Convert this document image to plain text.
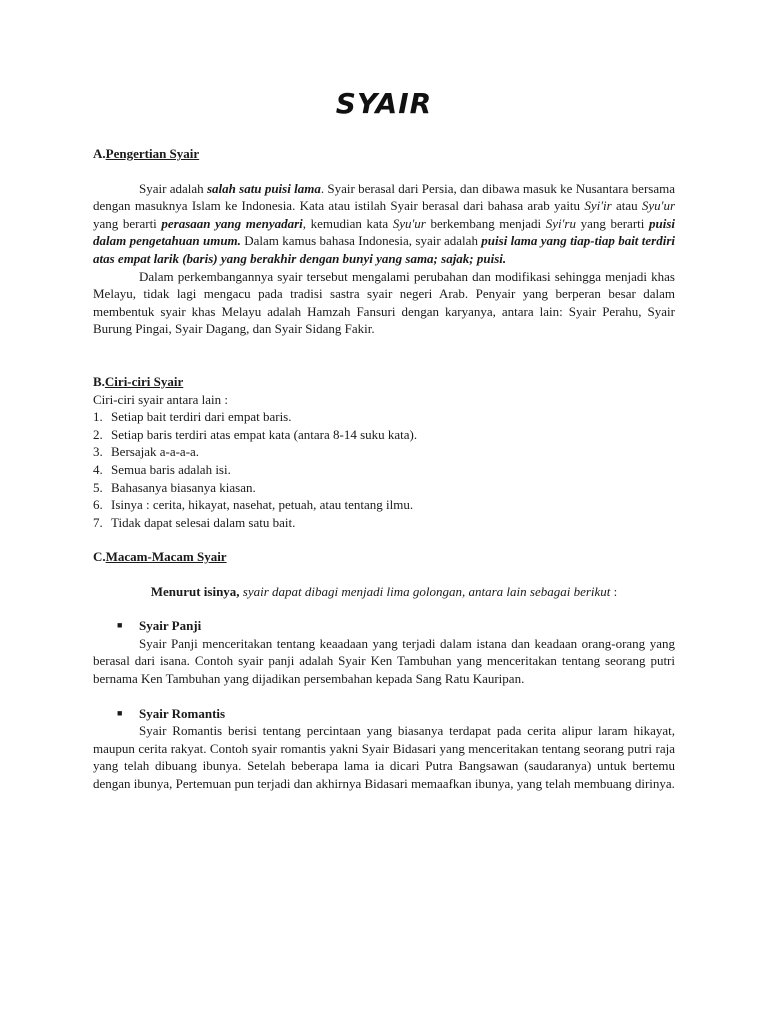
SYAIR
A.Pengertian Syair

Syair adalah salah satu puisi lama. Syair berasal dari Persia, dan dibawa masuk ke Nusantara bersama dengan masuknya Islam ke Indonesia. Kata atau istilah Syair berasal dari bahasa arab yaitu Syi'ir atau Syu'ur yang berarti perasaan yang menyadari, kemudian kata Syu'ur berkembang menjadi Syi'ru yang berarti puisi dalam pengetahuan umum. Dalam kamus bahasa Indonesia, syair adalah puisi lama yang tiap-tiap bait terdiri atas empat larik (baris) yang berakhir dengan bunyi yang sama; sajak; puisi.

Dalam perkembangannya syair tersebut mengalami perubahan dan modifikasi sehingga menjadi khas Melayu, tidak lagi mengacu pada tradisi sastra syair negeri Arab. Penyair yang berperan besar dalam membentuk syair khas Melayu adalah Hamzah Fansuri dengan karyanya, antara lain: Syair Perahu, Syair Burung Pingai, Syair Dagang, dan Syair Sidang Fakir.

B.Ciri-ciri Syair
Ciri-ciri syair antara lain :
1. Setiap bait terdiri dari empat baris.
2. Setiap baris terdiri atas empat kata (antara 8-14 suku kata).
3. Bersajak a-a-a-a.
4. Semua baris adalah isi.
5. Bahasanya biasanya kiasan.
6. Isinya : cerita, hikayat, nasehat, petuah, atau tentang ilmu.
7. Tidak dapat selesai dalam satu bait.
C.Macam-Macam Syair
Menurut isinya, syair dapat dibagi menjadi lima golongan, antara lain sebagai berikut :
■	Syair Panji

Syair Panji menceritakan tentang keaadaan yang terjadi dalam istana dan keadaan orang-orang yang berasal dari isana. Contoh syair panji adalah Syair Ken Tambuhan yang menceritakan tentang seorang putri bernama Ken Tambuhan yang dijadikan persembahan kepada Sang Ratu Kauripan.

■	Syair Romantis

Syair Romantis berisi tentang percintaan yang biasanya terdapat pada cerita alipur laram hikayat, maupun cerita rakyat. Contoh syair romantis yakni Syair Bidasari yang menceritakan tentang seorang putri raja yang telah dibuang ibunya. Setelah beberapa lama ia dicari Putra Bangsawan (saudaranya) untuk bertemu dengan ibunya, Pertemuan pun terjadi dan akhirnya Bidasari memaafkan ibunya, yang telah membuang dirinya.
